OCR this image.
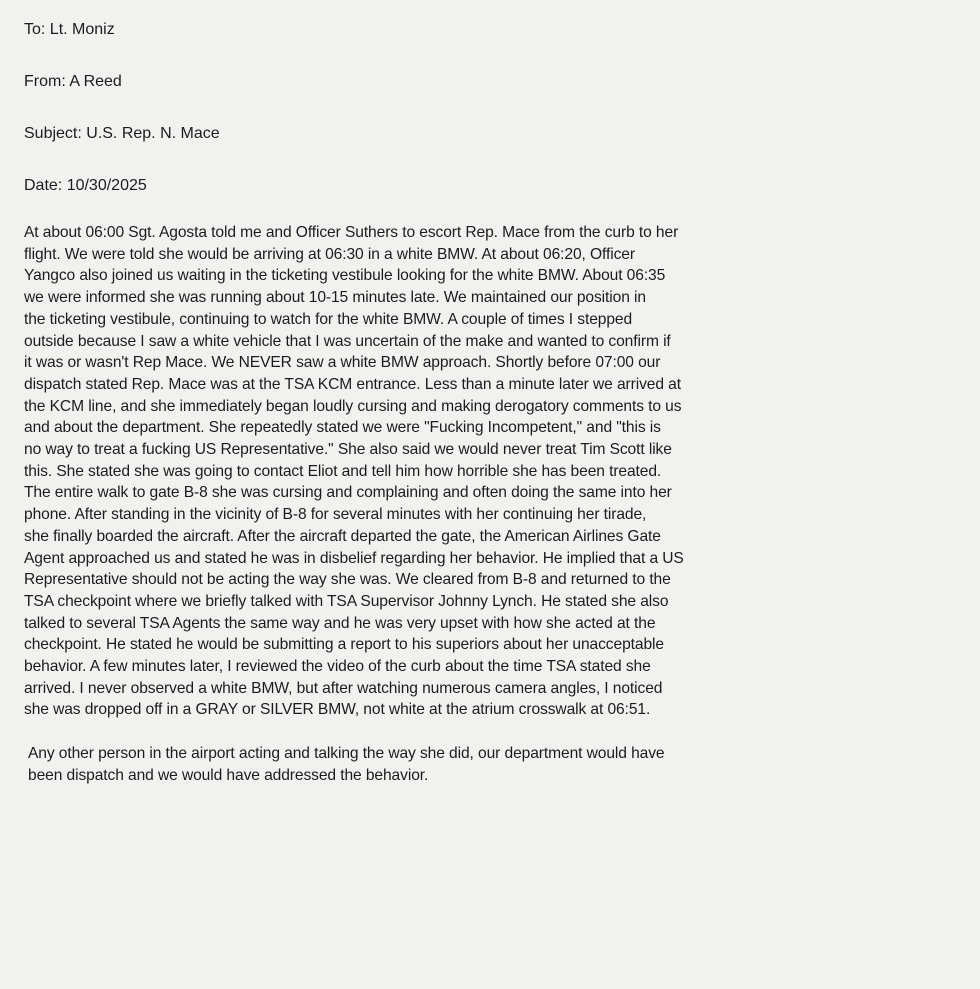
To: Lt. Moniz
From: A Reed
Subject: U.S. Rep. N. Mace
Date: 10/30/2025
At about 06:00 Sgt. Agosta told me and Officer Suthers to escort Rep. Mace from the curb to her
flight. We were told she would be arriving at 06:30 in a white BMW. At about 06:20, Officer
Yangco also joined us waiting in the ticketing vestibule looking for the white BMW. About 06:35
we were informed she was running about 10-15 minutes late. We maintained our position in
the ticketing vestibule, continuing to watch for the white BMW. A couple of times I stepped
outside because I saw a white vehicle that I was uncertain of the make and wanted to confirm if
it was or wasn't Rep Mace. We NEVER saw a white BMW approach. Shortly before 07:00 our
dispatch stated Rep. Mace was at the TSA KCM entrance. Less than a minute later we arrived at
the KCM line, and she immediately began loudly cursing and making derogatory comments to us
and about the department. She repeatedly stated we were "Fucking Incompetent," and "this is
no way to treat a fucking US Representative." She also said we would never treat Tim Scott like
this. She stated she was going to contact Eliot and tell him how horrible she has been treated.
The entire walk to gate B-8 she was cursing and complaining and often doing the same into her
phone. After standing in the vicinity of B-8 for several minutes with her continuing her tirade,
she finally boarded the aircraft. After the aircraft departed the gate, the American Airlines Gate
Agent approached us and stated he was in disbelief regarding her behavior. He implied that a US
Representative should not be acting the way she was. We cleared from B-8 and returned to the
TSA checkpoint where we briefly talked with TSA Supervisor Johnny Lynch. He stated she also
talked to several TSA Agents the same way and he was very upset with how she acted at the
checkpoint. He stated he would be submitting a report to his superiors about her unacceptable
behavior. A few minutes later, I reviewed the video of the curb about the time TSA stated she
arrived. I never observed a white BMW, but after watching numerous camera angles, I noticed
she was dropped off in a GRAY or SILVER BMW, not white at the atrium crosswalk at 06:51.
Any other person in the airport acting and talking the way she did, our department would have
been dispatch and we would have addressed the behavior.
